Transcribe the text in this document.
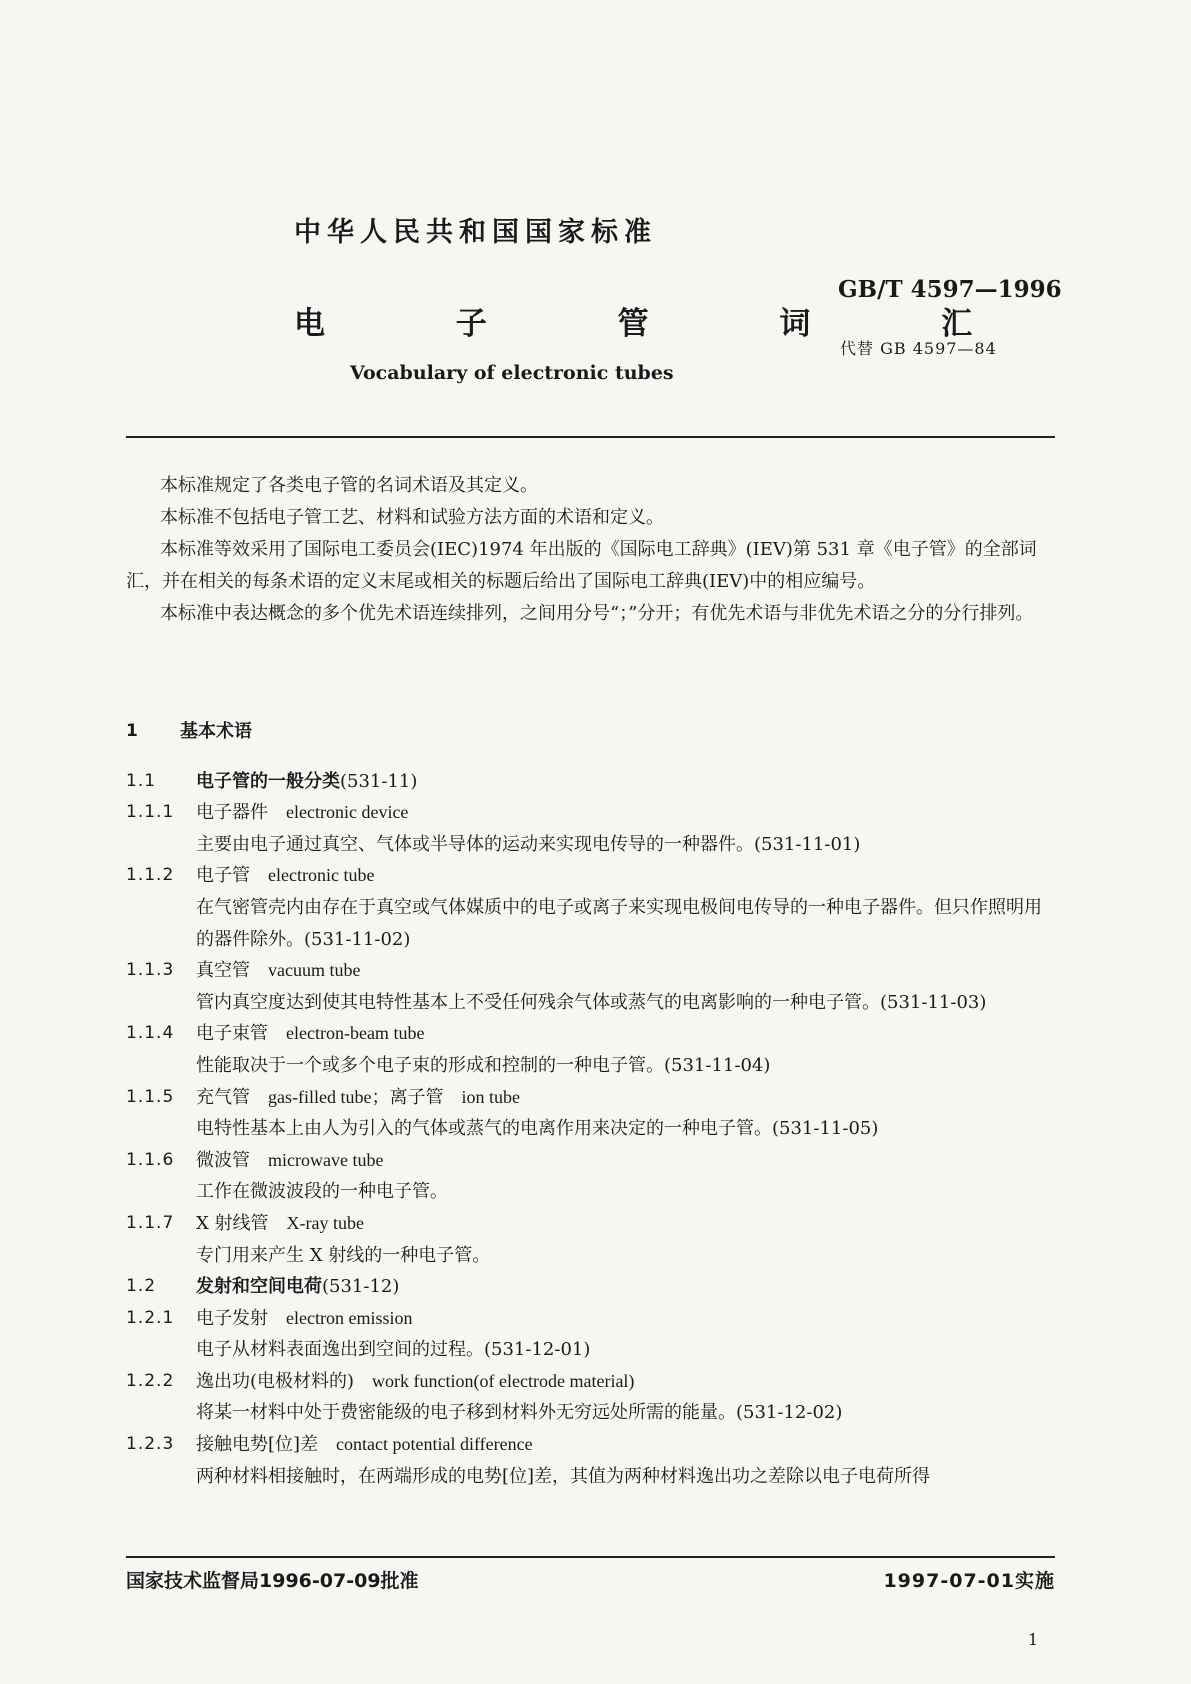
中华人民共和国国家标准
电 子 管 词 汇
Vocabulary of electronic tubes
GB/T 4597—1996
代替 GB 4597—84

本标准规定了各类电子管的名词术语及其定义。

本标准不包括电子管工艺、材料和试验方法方面的术语和定义。

本标准等效采用了国际电工委员会(IEC)1974 年出版的《国际电工辞典》(IEV)第 531 章《电子管》的全部词汇，并在相关的每条术语的定义末尾或相关的标题后给出了国际电工辞典(IEV)中的相应编号。

本标准中表达概念的多个优先术语连续排列，之间用分号“；”分开；有优先术语与非优先术语之分的分行排列。

1	基本术语
1.1	电子管的一般分类(531-11)
1.1.1	电子器件 electronic device
主要由电子通过真空、气体或半导体的运动来实现电传导的一种器件。(531-11-01)
1.1.2	电子管 electronic tube
在气密管壳内由存在于真空或气体媒质中的电子或离子来实现电极间电传导的一种电子器件。但只作照明用的器件除外。(531-11-02)
1.1.3	真空管 vacuum tube
管内真空度达到使其电特性基本上不受任何残余气体或蒸气的电离影响的一种电子管。(531-11-03)
1.1.4	电子束管 electron-beam tube
性能取决于一个或多个电子束的形成和控制的一种电子管。(531-11-04)
1.1.5	充气管 gas-filled tube；离子管　ion tube
电特性基本上由人为引入的气体或蒸气的电离作用来决定的一种电子管。(531-11-05)
1.1.6	微波管 microwave tube
工作在微波波段的一种电子管。
1.1.7	X 射线管 X-ray tube
专门用来产生 X 射线的一种电子管。
1.2	发射和空间电荷(531-12)
1.2.1	电子发射 electron emission
电子从材料表面逸出到空间的过程。(531-12-01)
1.2.2	逸出功(电极材料的) work function(of electrode material)
将某一材料中处于费密能级的电子移到材料外无穷远处所需的能量。(531-12-02)
1.2.3	接触电势[位]差 contact potential difference
两种材料相接触时，在两端形成的电势[位]差，其值为两种材料逸出功之差除以电子电荷所得
国家技术监督局1996-07-09批准	1997-07-01实施
1
